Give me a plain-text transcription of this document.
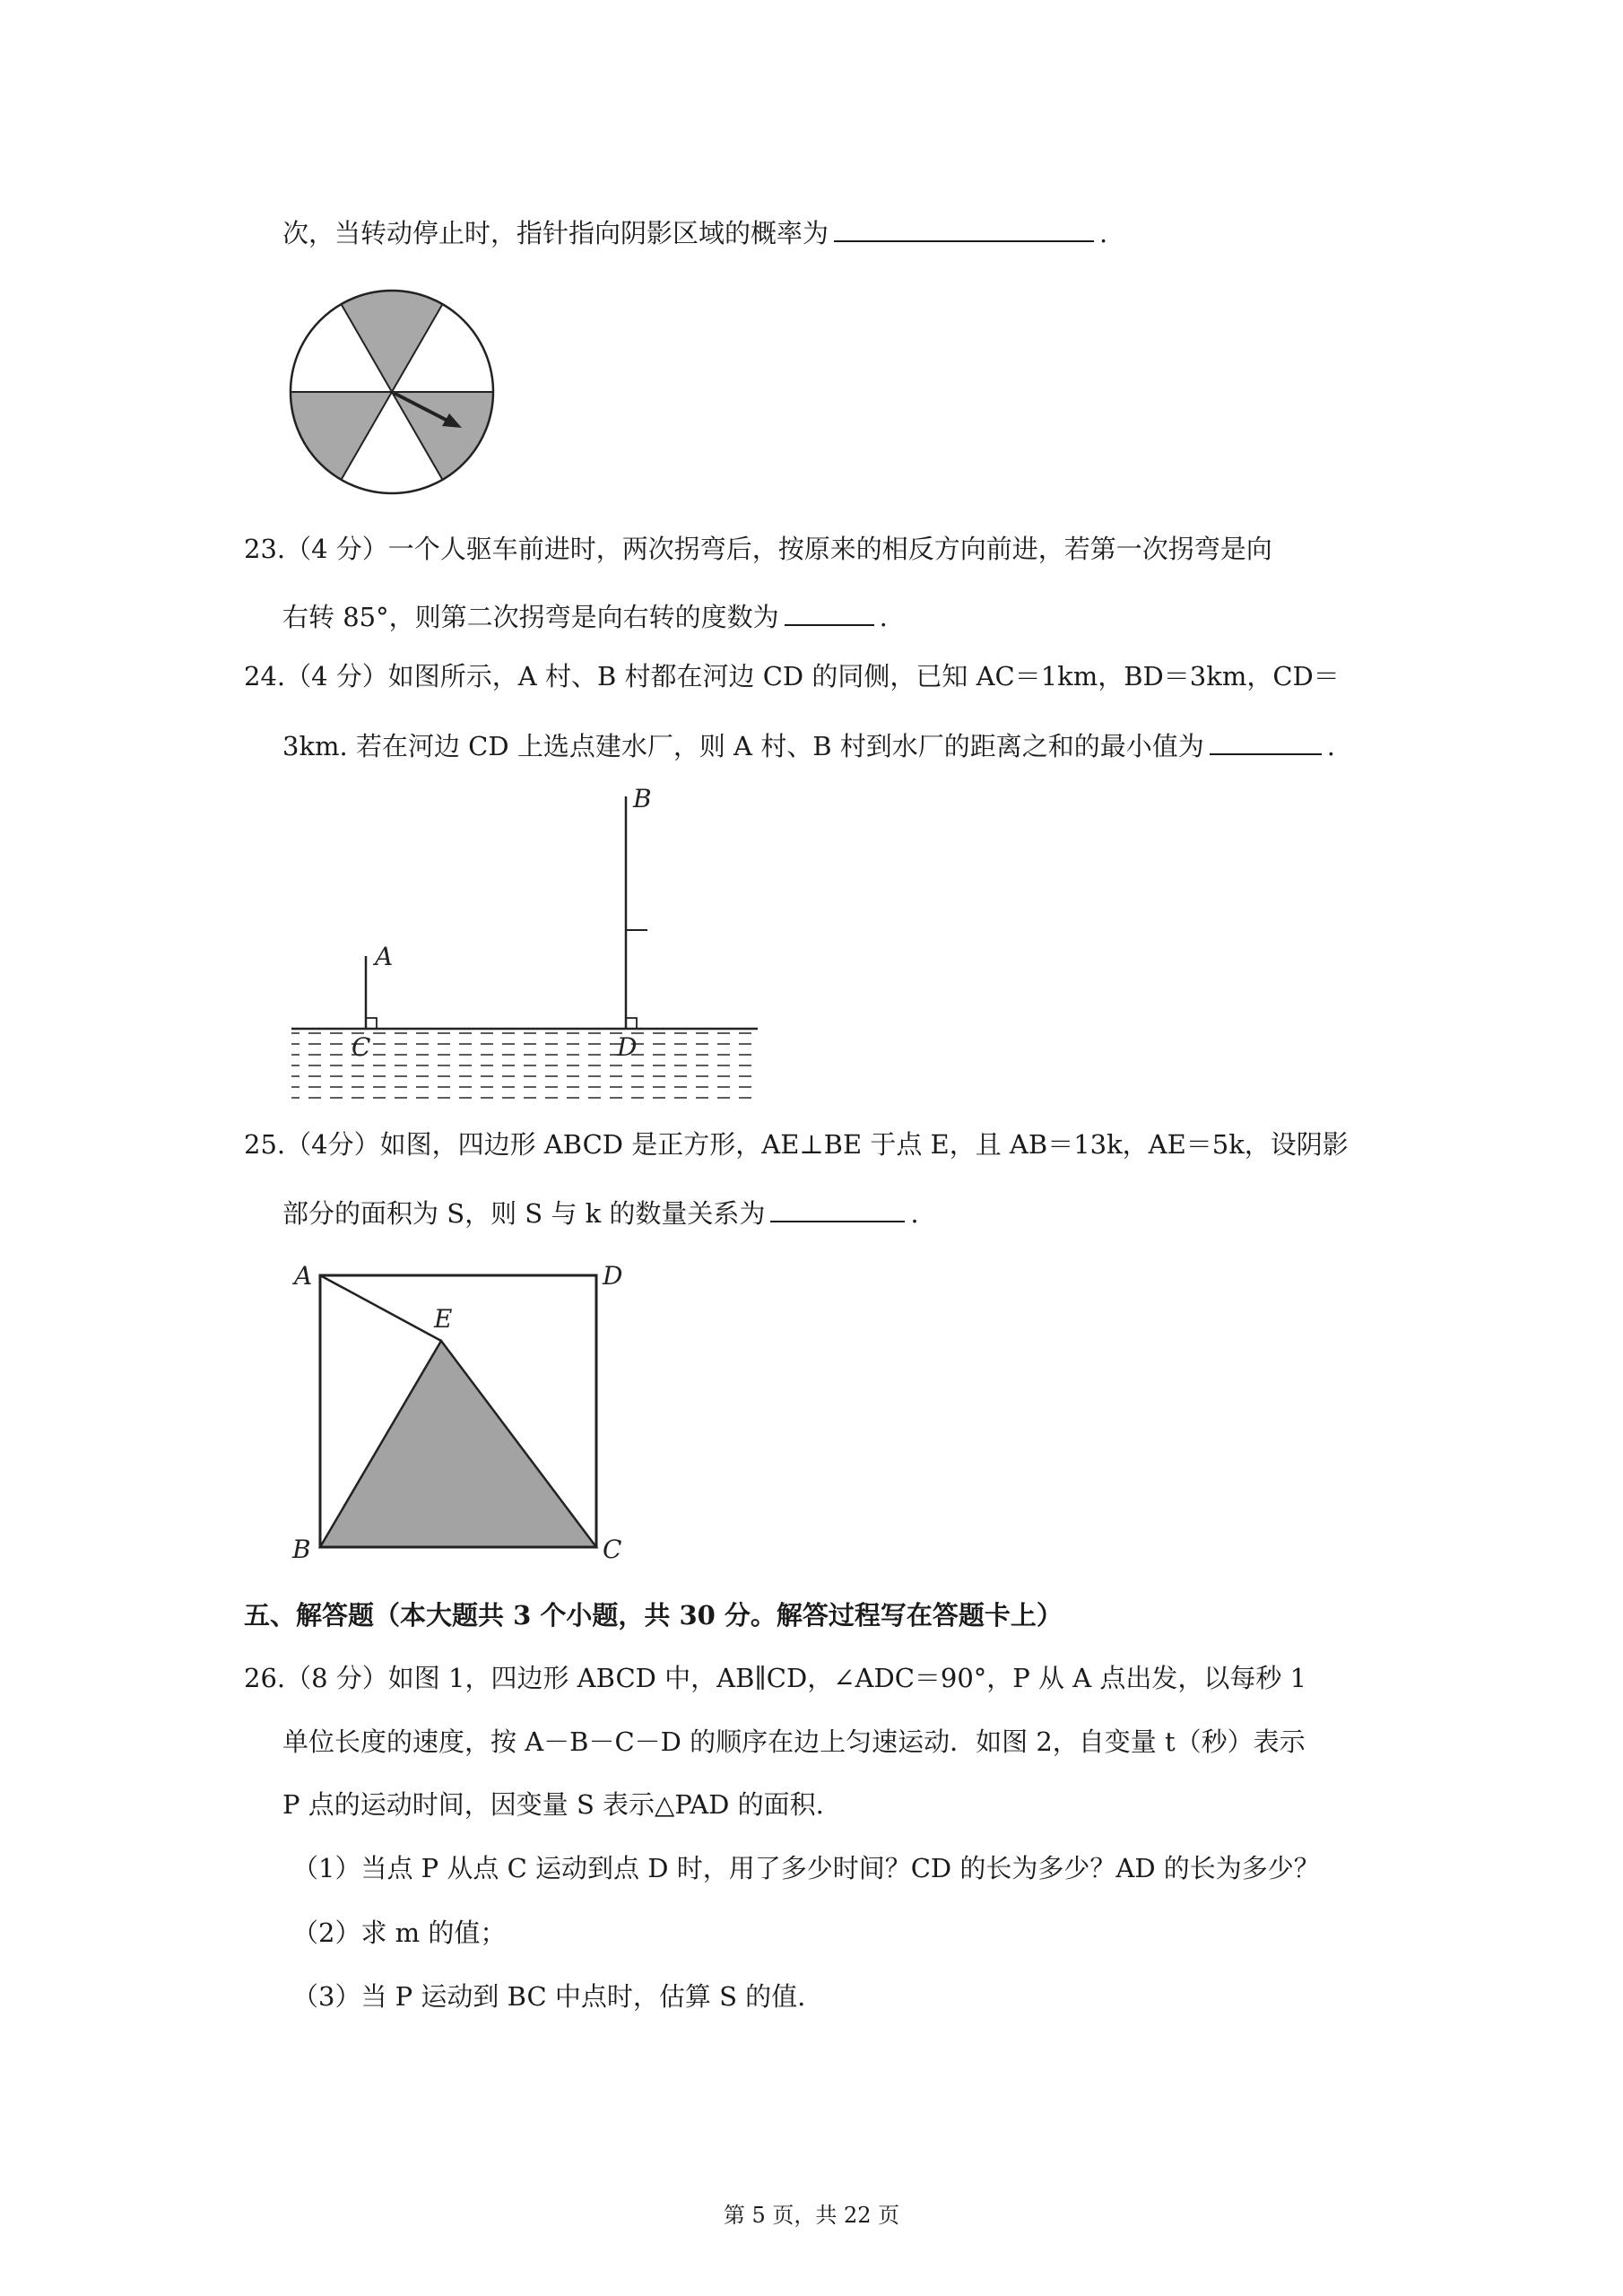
次，当转动停止时，指针指向阴影区域的概率为	.
23.（4 分）一个人驱车前进时，两次拐弯后，按原来的相反方向前进，若第一次拐弯是向
右转 85°，则第二次拐弯是向右转的度数为	.
24.（4 分）如图所示，A 村、B 村都在河边 CD 的同侧，已知 AC＝1km，BD＝3km，CD＝
3km. 若在河边 CD 上选点建水厂，则 A 村、B 村到水厂的距离之和的最小值为	.
B
A
C	D
25.（4分）如图，四边形 ABCD 是正方形，AE⊥BE 于点 E，且 AB＝13k，AE＝5k，设阴影
部分的面积为 S，则 S 与 k 的数量关系为	.
A	D
E
B	C
五、解答题（本大题共 3 个小题，共 30 分。解答过程写在答题卡上）
26.（8 分）如图 1，四边形 ABCD 中，AB∥CD，∠ADC＝90°，P 从 A 点出发，以每秒 1
单位长度的速度，按 A－B－C－D 的顺序在边上匀速运动．如图 2，自变量 t（秒）表示
P 点的运动时间，因变量 S 表示△PAD 的面积.
（1）当点 P 从点 C 运动到点 D 时，用了多少时间？CD 的长为多少？AD 的长为多少？
（2）求 m 的值；
（3）当 P 运动到 BC 中点时，估算 S 的值.
第 5 页，共 22 页
